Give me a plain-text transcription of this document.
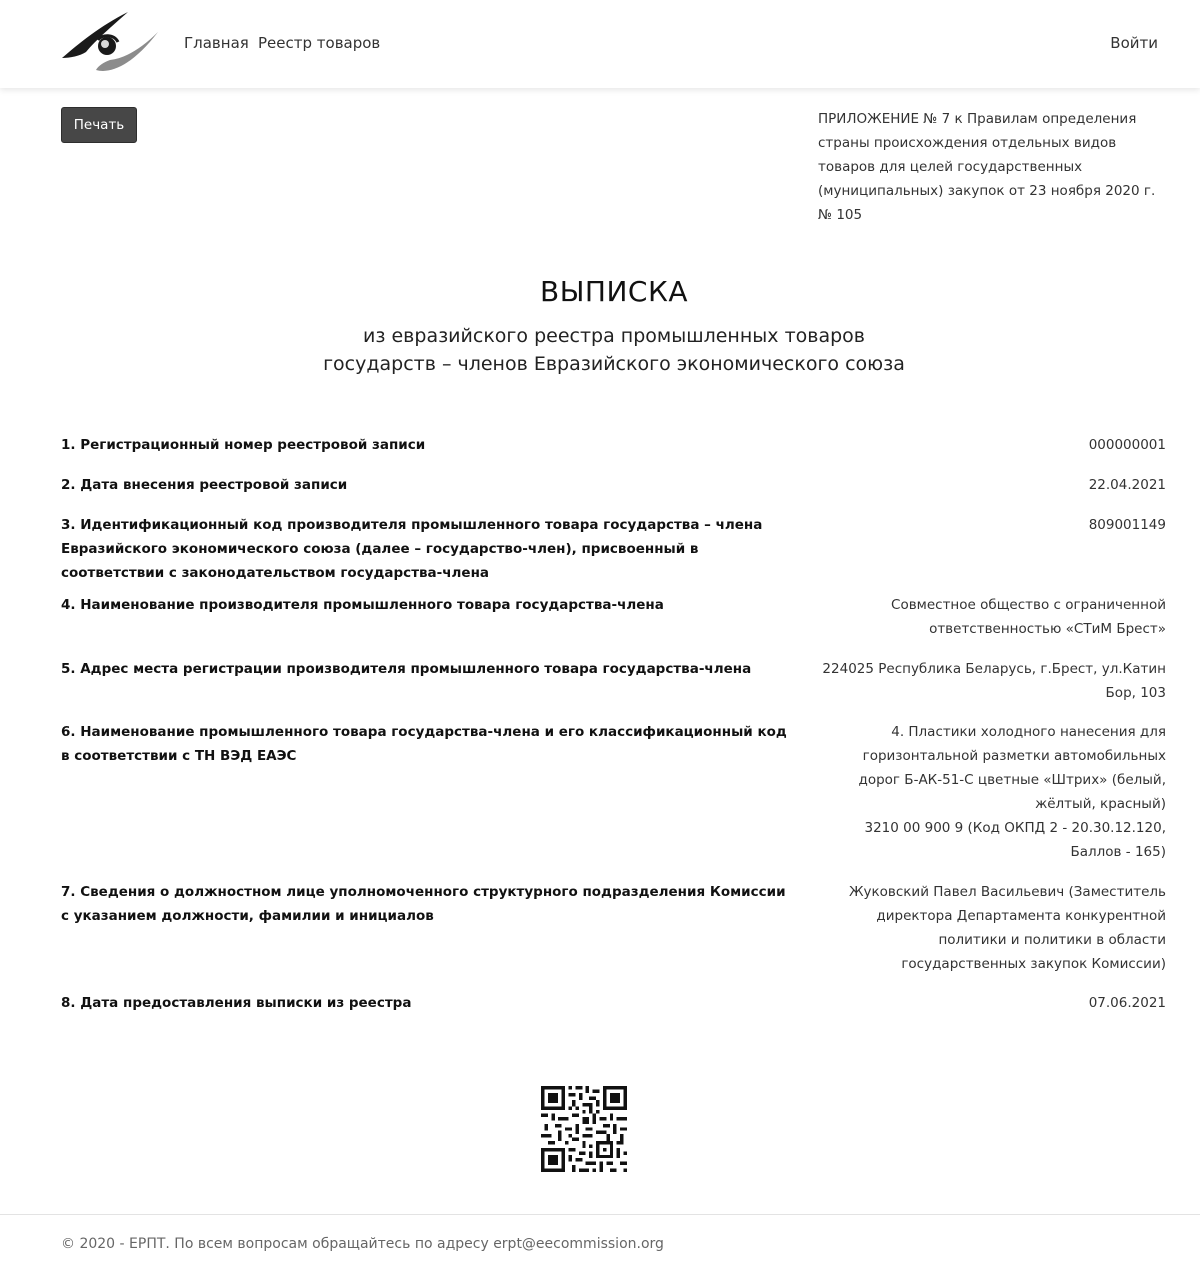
Главная Реестр товаров	Войти
Печать	ПРИЛОЖЕНИЕ № 7 к Правилам определения
страны происхождения отдельных видов
товаров для целей государственных
(муниципальных) закупок от 23 ноября 2020 г.
№ 105
ВЫПИСКА
из евразийского реестра промышленных товаров государств – членов Евразийского экономического союза
1. Регистрационный номер реестровой записи	000000001
2. Дата внесения реестровой записи	22.04.2021
3. Идентификационный код производителя промышленного товара государства – члена Евразийского экономического союза (далее – государство-член), присвоенный в соответствии с законодательством государства-члена
809001149
4. Наименование производителя промышленного товара государства-члена	Совместное общество с ограниченной
ответственностью «СТиМ Брест»
5. Адрес места регистрации производителя промышленного товара государства-члена	224025 Республика Беларусь, г.Брест, ул.Катин
Бор, 103
6. Наименование промышленного товара государства-члена и его классификационный код в соответствии с ТН ВЭД ЕАЭС
4. Пластики холодного нанесения для
горизонтальной разметки автомобильных
дорог Б-АК-51-С цветные «Штрих» (белый,
жёлтый, красный)
3210 00 900 9 (Код ОКПД 2 - 20.30.12.120,
Баллов - 165)
7. Сведения о должностном лице уполномоченного структурного подразделения Комиссии с указанием должности, фамилии и инициалов
Жуковский Павел Васильевич (Заместитель
директора Департамента конкурентной
политики и политики в области
государственных закупок Комиссии)
8. Дата предоставления выписки из реестра	07.06.2021
© 2020 - ЕРПТ. По всем вопросам обращайтесь по адресу erpt@eecommission.org
